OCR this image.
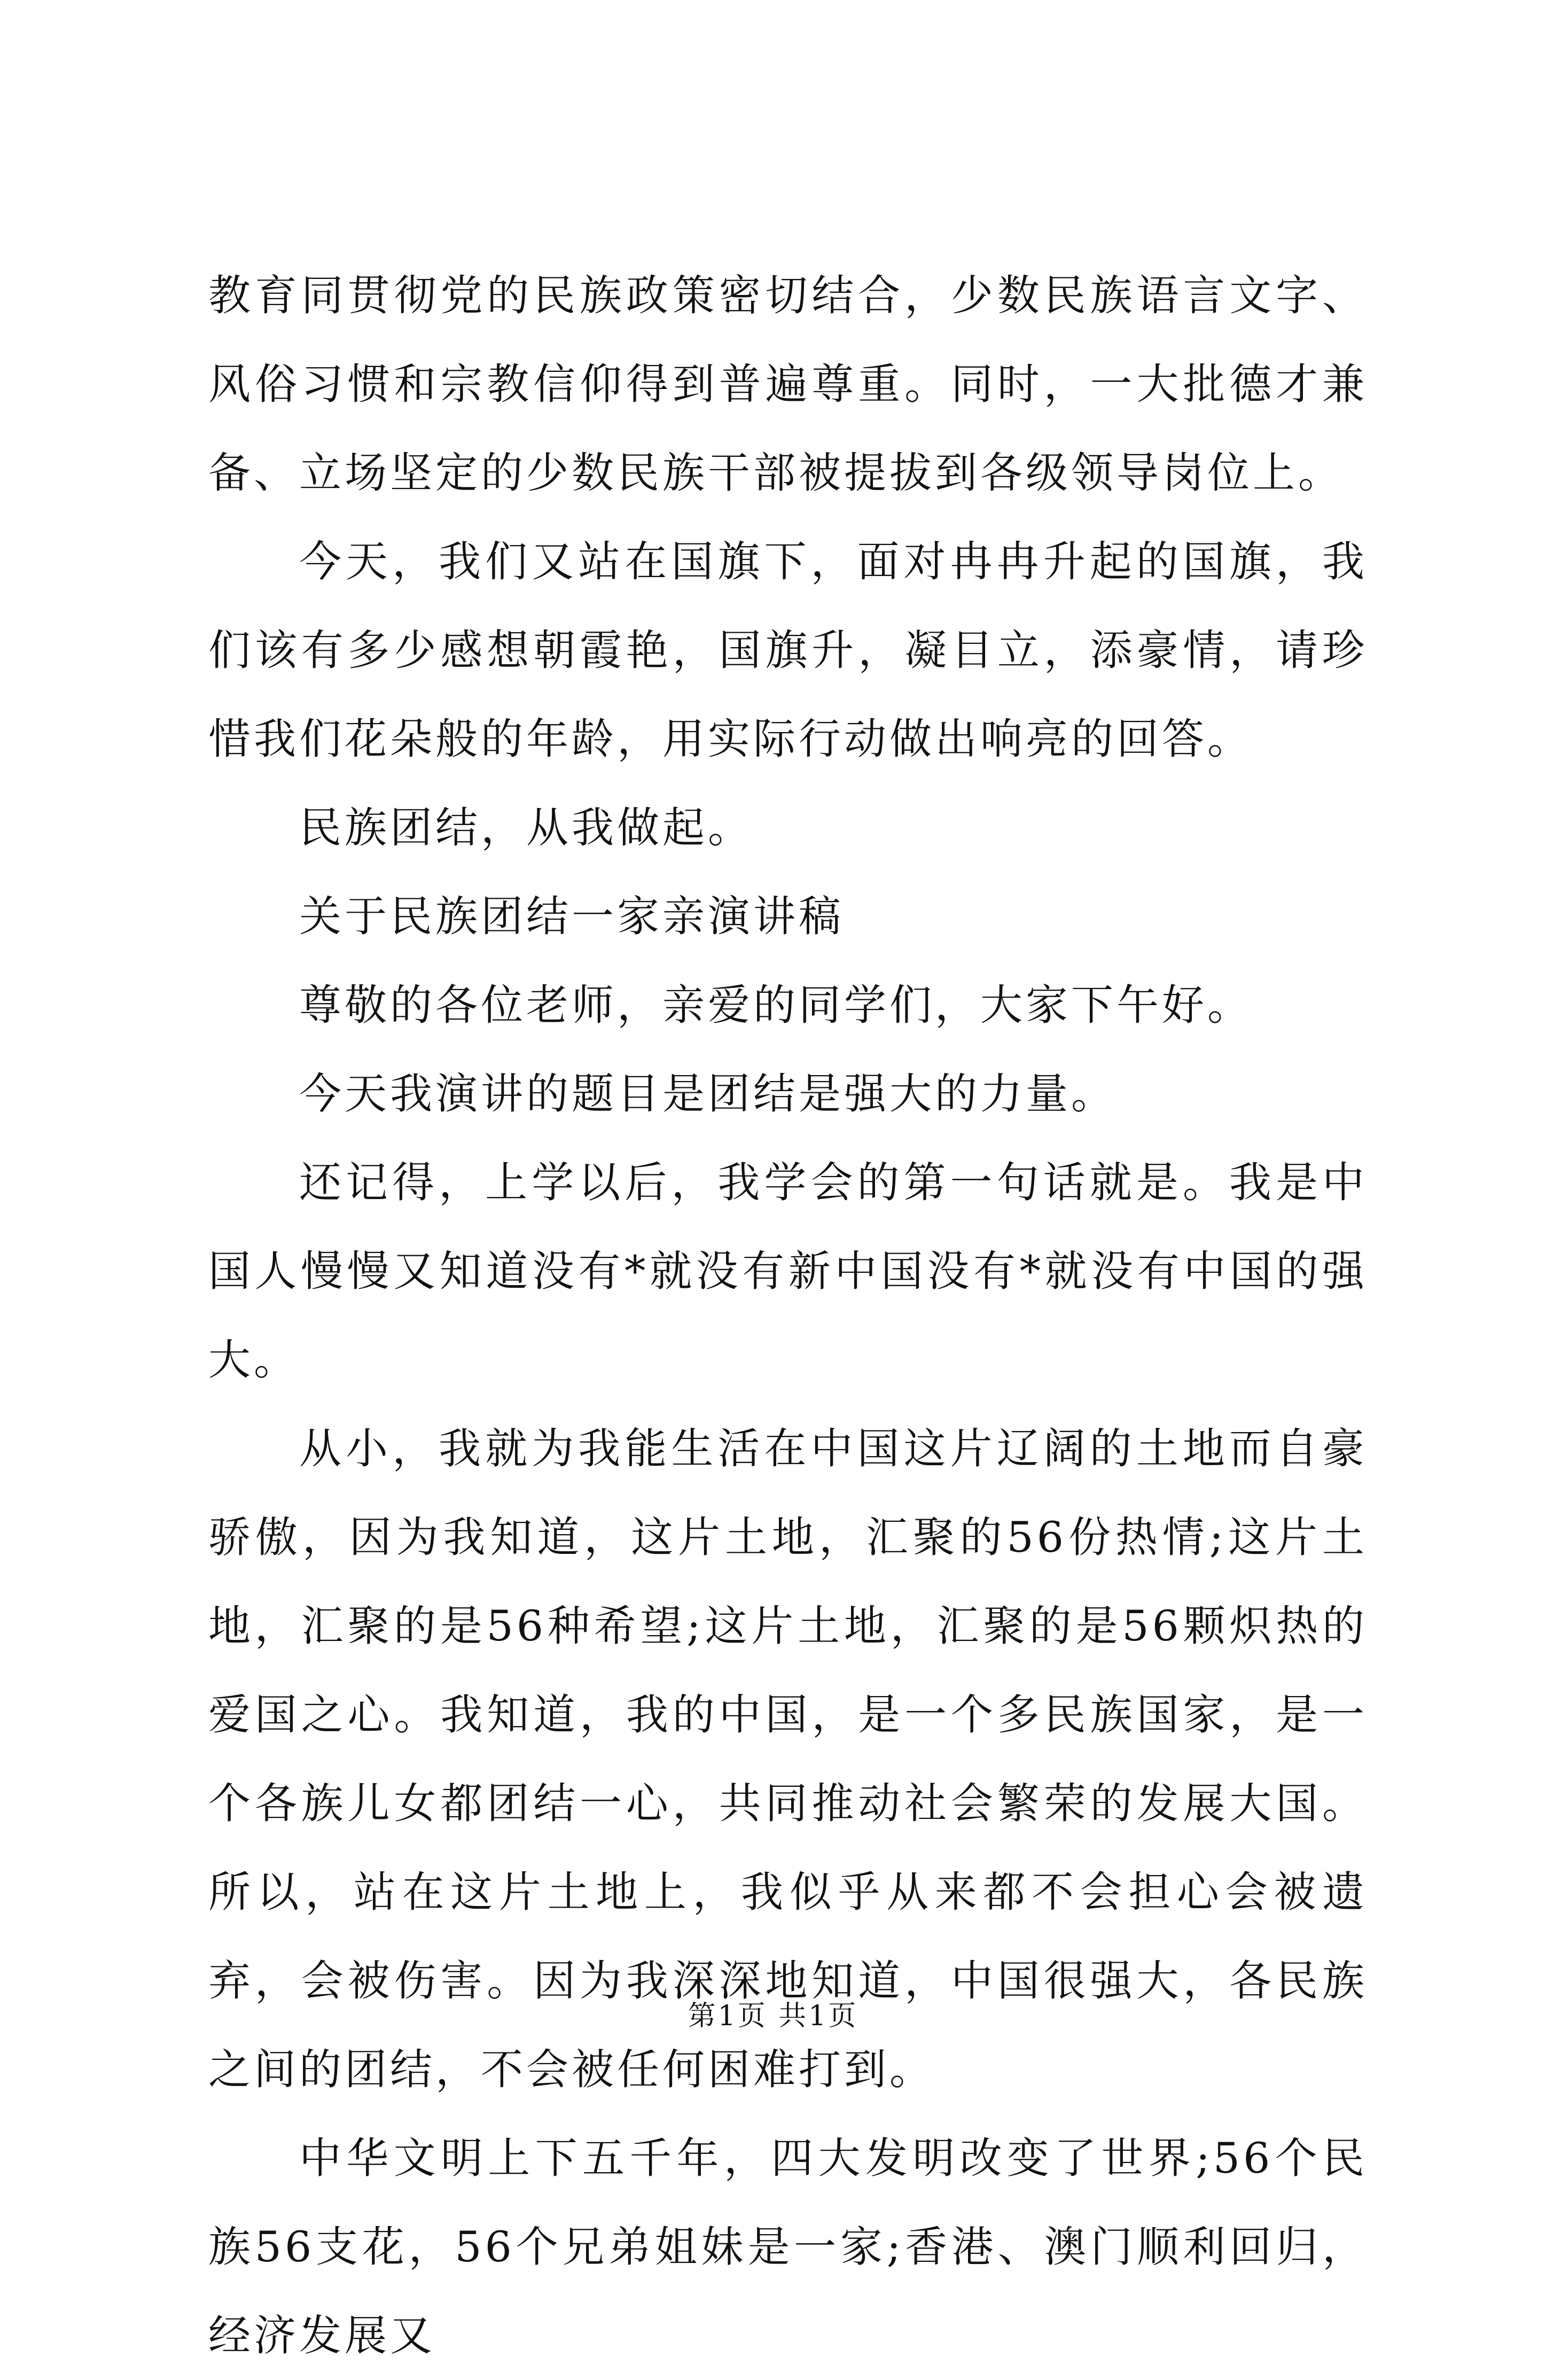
教育同贯彻党的民族政策密切结合，少数民族语言文字、风俗习惯和宗教信仰得到普遍尊重。同时，一大批德才兼备、立场坚定的少数民族干部被提拔到各级领导岗位上。

今天，我们又站在国旗下，面对冉冉升起的国旗，我们该有多少感想朝霞艳，国旗升，凝目立，添豪情，请珍惜我们花朵般的年龄，用实际行动做出响亮的回答。

民族团结，从我做起。

关于民族团结一家亲演讲稿

尊敬的各位老师，亲爱的同学们，大家下午好。

今天我演讲的题目是团结是强大的力量。

还记得，上学以后，我学会的第一句话就是。我是中国人慢慢又知道没有*就没有新中国没有*就没有中国的强大。

从小，我就为我能生活在中国这片辽阔的土地而自豪骄傲，因为我知道，这片土地，汇聚的56份热情;这片土地，汇聚的是56种希望;这片土地，汇聚的是56颗炽热的爱国之心。我知道，我的中国，是一个多民族国家，是一个各族儿女都团结一心，共同推动社会繁荣的发展大国。所以，站在这片土地上，我似乎从来都不会担心会被遗弃，会被伤害。因为我深深地知道，中国很强大，各民族之间的团结，不会被任何困难打到。

中华文明上下五千年，四大发明改变了世界;56个民族56支花，56个兄弟姐妹是一家;香港、澳门顺利回归，经济发展又

第1页 共1页
